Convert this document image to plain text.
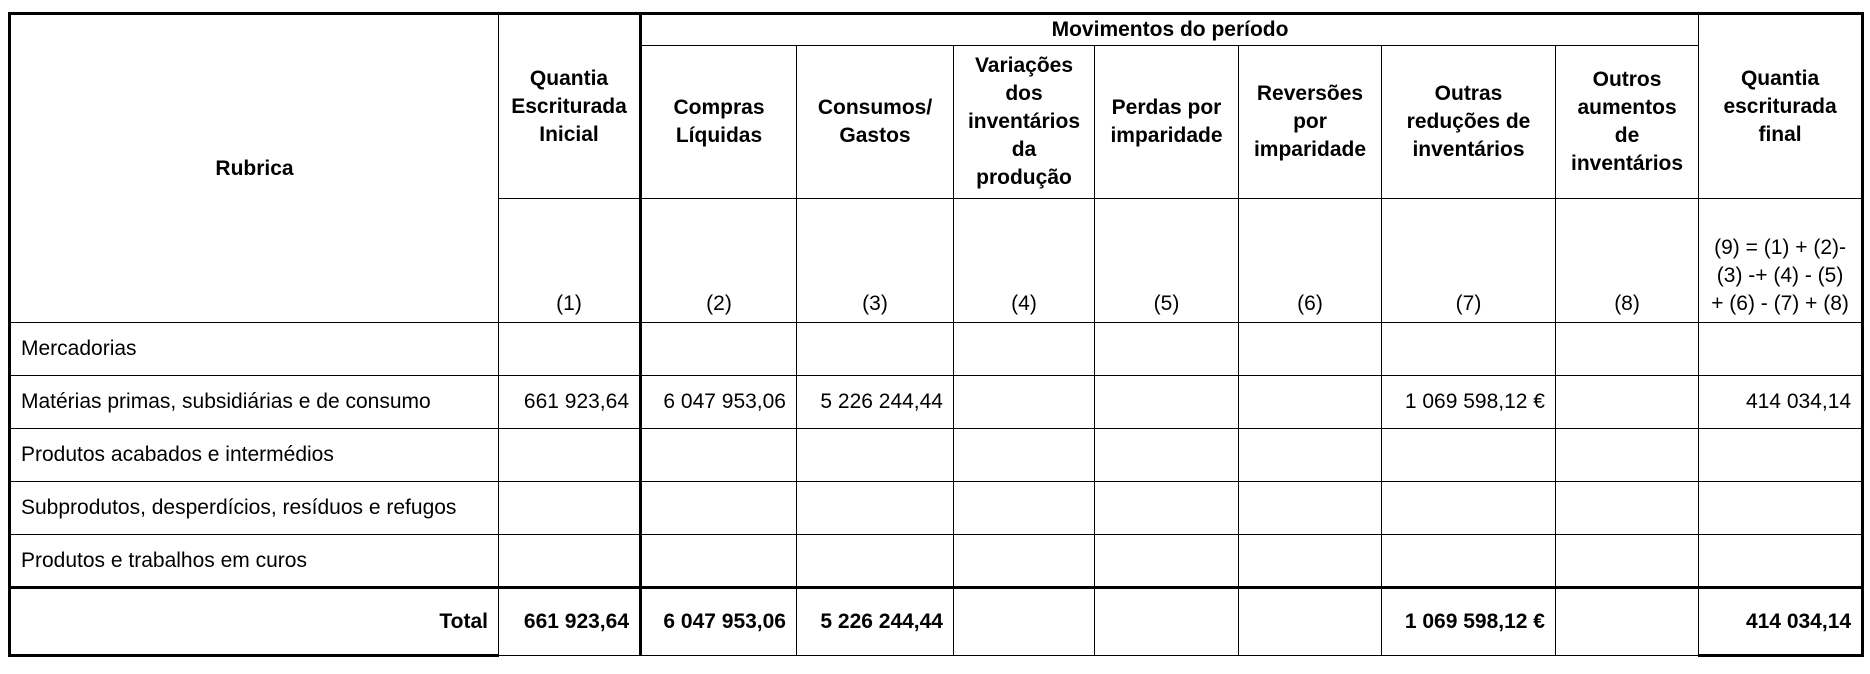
Rubrica	Quantia Escriturada Inicial	Movimentos do período							Quantia escriturada final
		Compras Líquidas	Consumos/ Gastos	Variações dos inventários da produção	Perdas por imparidade	Reversões por imparidade	Outras reduções de inventários	Outros aumentos de inventários	
	(1)	(2)	(3)	(4)	(5)	(6)	(7)	(8)	(9) = (1) + (2)- (3) -+ (4) - (5) + (6) - (7) + (8)
Mercadorias									
Matérias primas, subsidiárias e de consumo	661 923,64	6 047 953,06	5 226 244,44				1 069 598,12 €		414 034,14
Produtos acabados e intermédios									
Subprodutos, desperdícios, resíduos e refugos									
Produtos e trabalhos em curos									
Total	661 923,64	6 047 953,06	5 226 244,44				1 069 598,12 €		414 034,14
